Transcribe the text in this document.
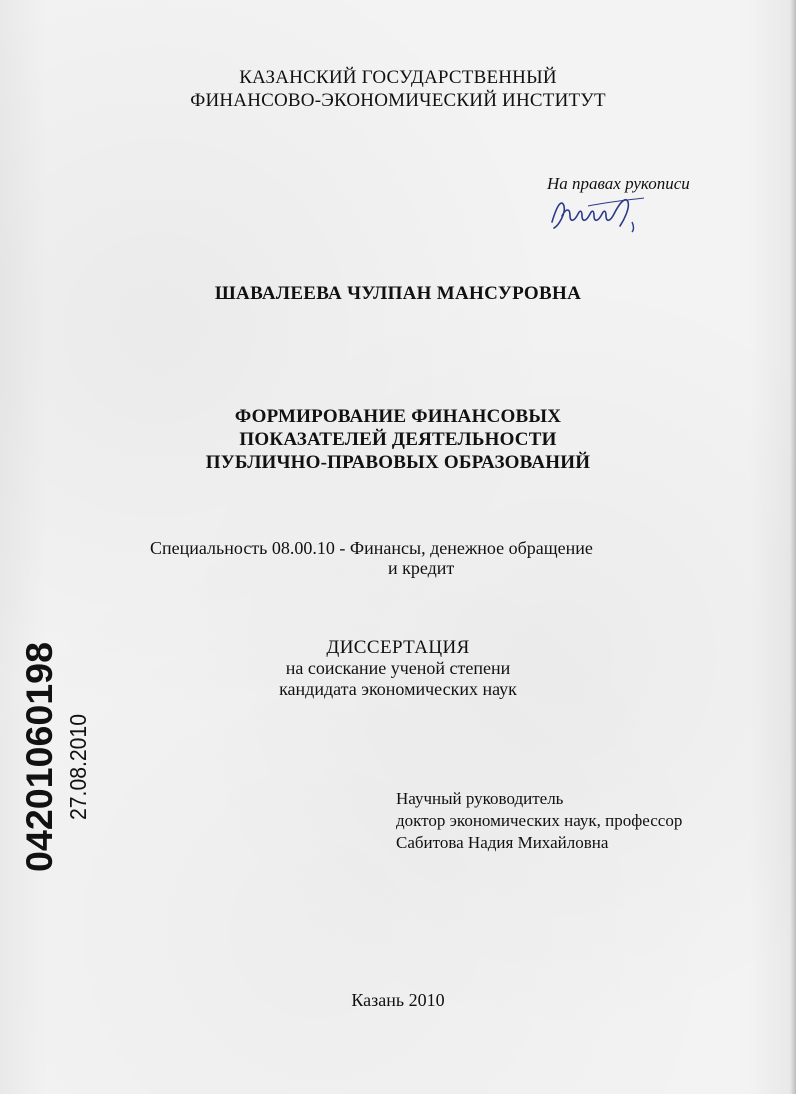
КАЗАНСКИЙ ГОСУДАРСТВЕННЫЙ
ФИНАНСОВО-ЭКОНОМИЧЕСКИЙ ИНСТИТУТ
На правах рукописи
ШАВАЛЕЕВА ЧУЛПАН МАНСУРОВНА
ФОРМИРОВАНИЕ ФИНАНСОВЫХ
ПОКАЗАТЕЛЕЙ ДЕЯТЕЛЬНОСТИ
ПУБЛИЧНО-ПРАВОВЫХ ОБРАЗОВАНИЙ
Специальность 08.00.10 - Финансы, денежное обращение
и кредит
ДИССЕРТАЦИЯ
на соискание ученой степени
кандидата экономических наук
Научный руководитель
доктор экономических наук, профессор
Сабитова Надия Михайловна
Казань 2010
04201060198 27.08.2010
